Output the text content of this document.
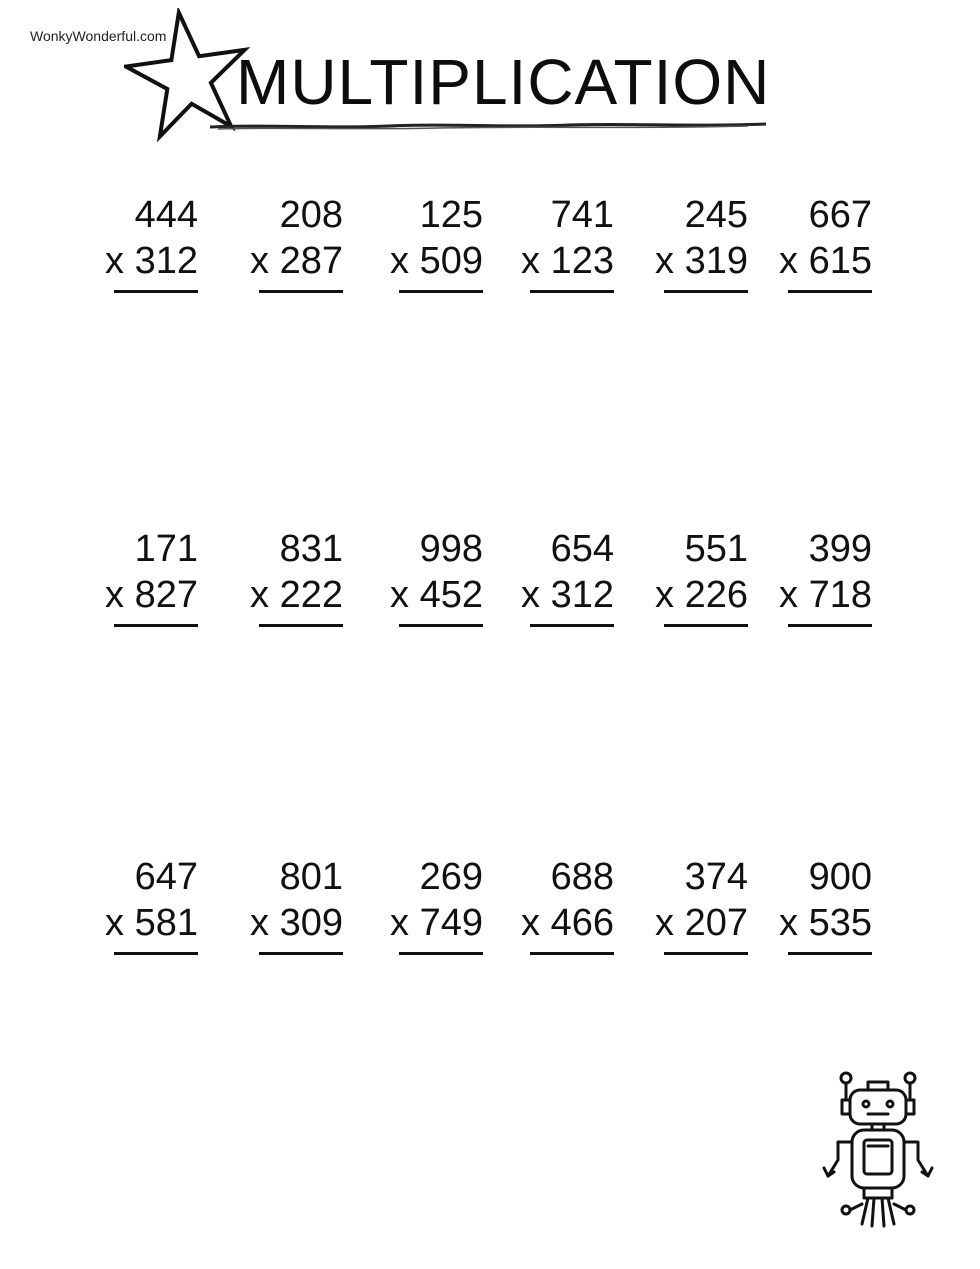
WonkyWonderful.com
MULTIPLICATION
444
x 312
208
x 287
125
x 509
741
x 123
245
x 319
667
x 615
171
x 827
831
x 222
998
x 452
654
x 312
551
x 226
399
x 718
647
x 581
801
x 309
269
x 749
688
x 466
374
x 207
900
x 535
